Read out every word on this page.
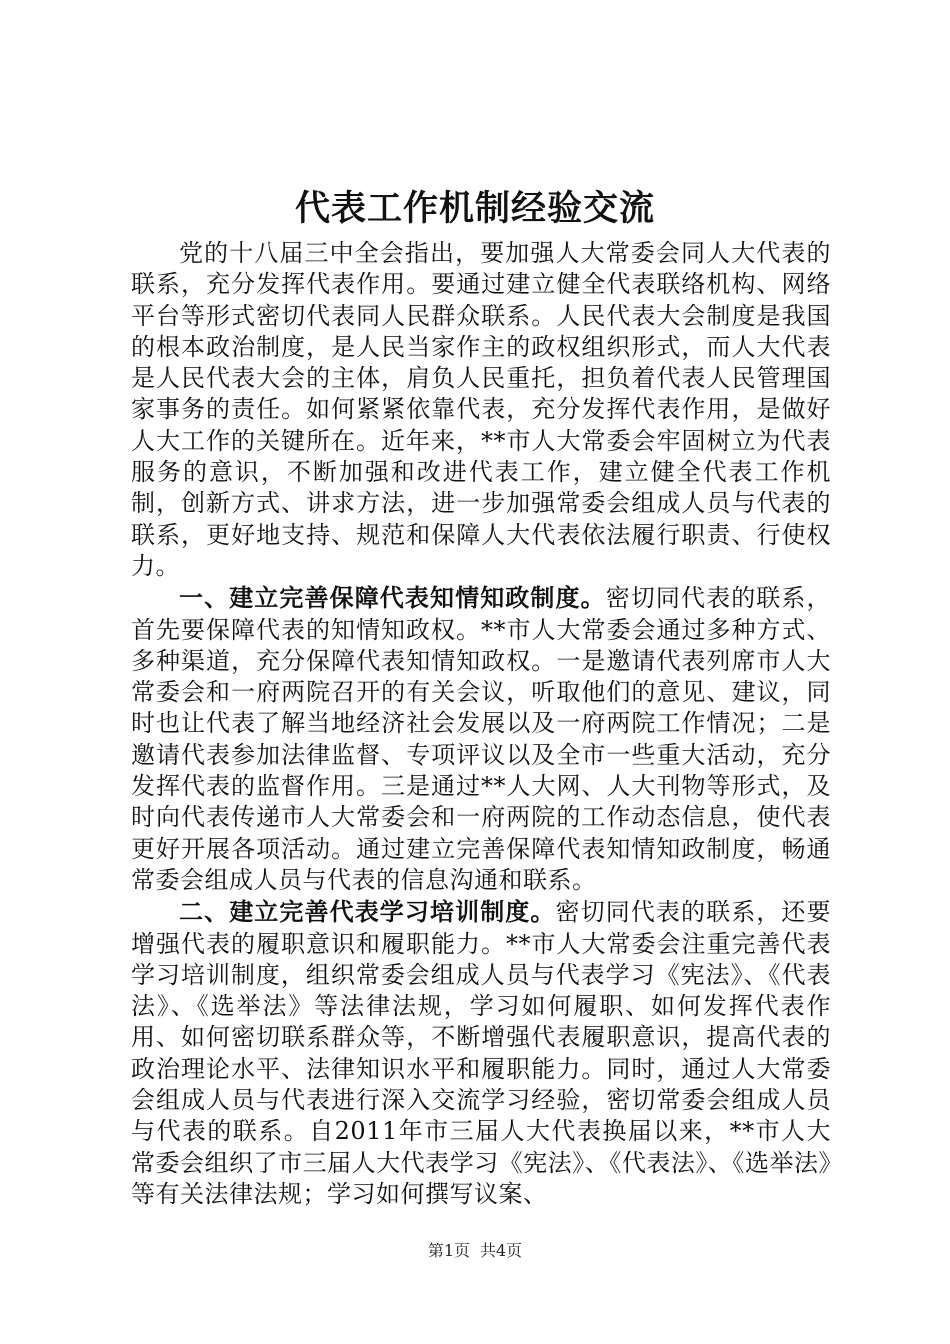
代表工作机制经验交流

党的十八届三中全会指出，要加强人大常委会同人大代表的联系，充分发挥代表作用。要通过建立健全代表联络机构、网络平台等形式密切代表同人民群众联系。人民代表大会制度是我国的根本政治制度，是人民当家作主的政权组织形式，而人大代表是人民代表大会的主体，肩负人民重托，担负着代表人民管理国家事务的责任。如何紧紧依靠代表，充分发挥代表作用，是做好人大工作的关键所在。近年来，**市人大常委会牢固树立为代表服务的意识，不断加强和改进代表工作，建立健全代表工作机制，创新方式、讲求方法，进一步加强常委会组成人员与代表的联系，更好地支持、规范和保障人大代表依法履行职责、行使权力。

一、建立完善保障代表知情知政制度。密切同代表的联系，首先要保障代表的知情知政权。**市人大常委会通过多种方式、多种渠道，充分保障代表知情知政权。一是邀请代表列席市人大常委会和一府两院召开的有关会议，听取他们的意见、建议，同时也让代表了解当地经济社会发展以及一府两院工作情况；二是邀请代表参加法律监督、专项评议以及全市一些重大活动，充分发挥代表的监督作用。三是通过**人大网、人大刊物等形式，及时向代表传递市人大常委会和一府两院的工作动态信息，使代表更好开展各项活动。通过建立完善保障代表知情知政制度，畅通常委会组成人员与代表的信息沟通和联系。

二、建立完善代表学习培训制度。密切同代表的联系，还要增强代表的履职意识和履职能力。**市人大常委会注重完善代表学习培训制度，组织常委会组成人员与代表学习《宪法》、《代表法》、《选举法》等法律法规，学习如何履职、如何发挥代表作用、如何密切联系群众等，不断增强代表履职意识，提高代表的政治理论水平、法律知识水平和履职能力。同时，通过人大常委会组成人员与代表进行深入交流学习经验，密切常委会组成人员与代表的联系。自2011年市三届人大代表换届以来，**市人大常委会组织了市三届人大代表学习《宪法》、《代表法》、《选举法》等有关法律法规；学习如何撰写议案、

第1页 共4页
